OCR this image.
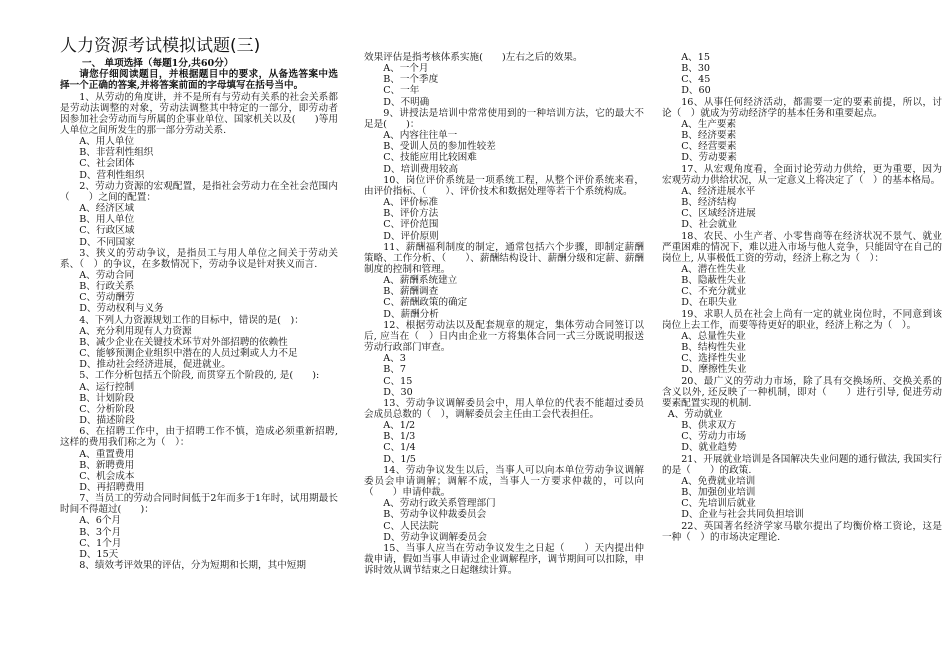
人力资源考试模拟试题(三)
一、 单项选择（每题1分,共60分）

请您仔细阅读题目，并根据题目中的要求，从备选答案中选择一个正确的答案,并将答案前面的字母填写在括号当中。

1、从劳动的角度讲，并不是所有与劳动有关系的社会关系都是劳动法调整的对象，劳动法调整其中特定的一部分，即劳动者因参加社会劳动而与所属的企事业单位、国家机关以及(　　)等用人单位之间所发生的那一部分劳动关系.

A、用人单位

B、非营利性组织

C、社会团体

D、营利性组织

2、劳动力资源的宏观配置，是指社会劳动力在全社会范围内（　　）之间的配置：

A、经济区域

B、用人单位

C、行政区域

D、不同国家

3、狭义的劳动争议，是指员工与用人单位之间关于劳动关系、（　）的争议，在多数情况下，劳动争议是针对狭义而言.

A、劳动合同

B、行政关系

C、劳动酬劳

D、劳动权利与义务

4、下列人力资源规划工作的目标中，错误的是(　)：

A、充分利用现有人力资源

B、减少企业在关键技术环节对外部招聘的依赖性

C、能够预测企业组织中潜在的人员过剩或人力不足

D、推动社会经济进展，促进就业。

5、工作分析包括五个阶段, 而贯穿五个阶段的, 是(　　):

A、运行控制

B、计划阶段

C、分析阶段

D、描述阶段

6、在招聘工作中，由于招聘工作不慎，造成必须重新招聘, 这样的费用我们称之为（　）：

A、重置费用

B、新聘费用

C、机会成本

D、再招聘费用

7、当员工的劳动合同时间低于2年而多于1年时，试用期最长时间不得超过(　　)：

A、6个月

B、3个月

C、1个月

D、15天

8、绩效考评效果的评估，分为短期和长期，其中短期

效果评估是指考核体系实施(　　)左右之后的效果。

A、一个月

B、一个季度

C、一年

D、不明确

9、讲授法是培训中常常使用到的一种培训方法，它的最大不足是(　　)：

A、内容往往单一

B、受训人员的参加性较差

C、技能应用比较困难

D、培训费用较高

10、岗位评价系统是一项系统工程，从整个评价系统来看，由评价指标、（　　）、评价技术和数据处理等若干个系统构成。

A、评价标准

B、评价方法

C、评价范围

D、评价原则

11、薪酬福利制度的制定，通常包括六个步骤，即制定薪酬策略、工作分析、（　　）、薪酬结构设计、薪酬分级和定薪、薪酬制度的控制和管理。

A、薪酬系统建立

B、薪酬调查

C、薪酬政策的确定

D、薪酬分析

12、根据劳动法以及配套规章的规定，集体劳动合同签订以后, 应当在（　）日内由企业一方将集体合同一式三分既说明报送劳动行政部门审查。

A、3

B、7

C、15

D、30

13、劳动争议调解委员会中，用人单位的代表不能超过委员会成员总数的（　），调解委员会主任由工会代表担任。

A、1/2

B、1/3

C、1/4

D、1/5

14、劳动争议发生以后，当事人可以向本单位劳动争议调解委员会申请调解；调解不成，当事人一方要求仲裁的，可以向（　　）申请仲裁。

A、劳动行政关系管理部门

B、劳动争议仲裁委员会

C、人民法院

D、劳动争议调解委员会

15、当事人应当在劳动争议发生之日起（　　）天内提出仲裁申请，假如当事人申请过企业调解程序，调节期间可以扣除，申诉时效从调节结束之日起继续计算。

A、15

B、30

C、45

D、60

16、从事任何经济活动，都需要一定的要素前提，所以，讨论（　）就成为劳动经济学的基本任务和重要起点。

A、生产要素

B、经济要素

C、经营要素

D、劳动要素

17、从宏观角度看，全面讨论劳动力供给，更为重要，因为宏观劳动力供给状况，从一定意义上将决定了（　）的基本格局。

A、经济进展水平

B、经济结构

C、区域经济进展

D、社会就业

18、农民、小生产者、小零售商等在经济状况不景气、就业严重困难的情况下，难以进入市场与他人竞争，只能固守在自己的岗位上, 从事极低工资的劳动，经济上称之为（　）：

A、潜在性失业

B、隐蔽性失业

C、不充分就业

D、在职失业

19、求职人员在社会上尚有一定的就业岗位时，不同意到该岗位上去工作，而要等待更好的职业，经济上称之为（　）。

A、总量性失业

B、结构性失业

C、选择性失业

D、摩擦性失业

20、最广义的劳动力市场，除了具有交换场所、交换关系的含义以外, 还反映了一种机制，即对（　　）进行引导, 促进劳动要素配置实现的机制.

A、劳动就业

B、供求双方

C、劳动力市场

D、就业趋势

21、开展就业培训是各国解决失业问题的通行做法, 我国实行的是（　　）的政策.

A、免费就业培训

B、加强创业培训

C、先培训后就业

D、企业与社会共同负担培训

22、英国著名经济学家马歇尔提出了均衡价格工资论，这是一种（　）的市场决定理论.
